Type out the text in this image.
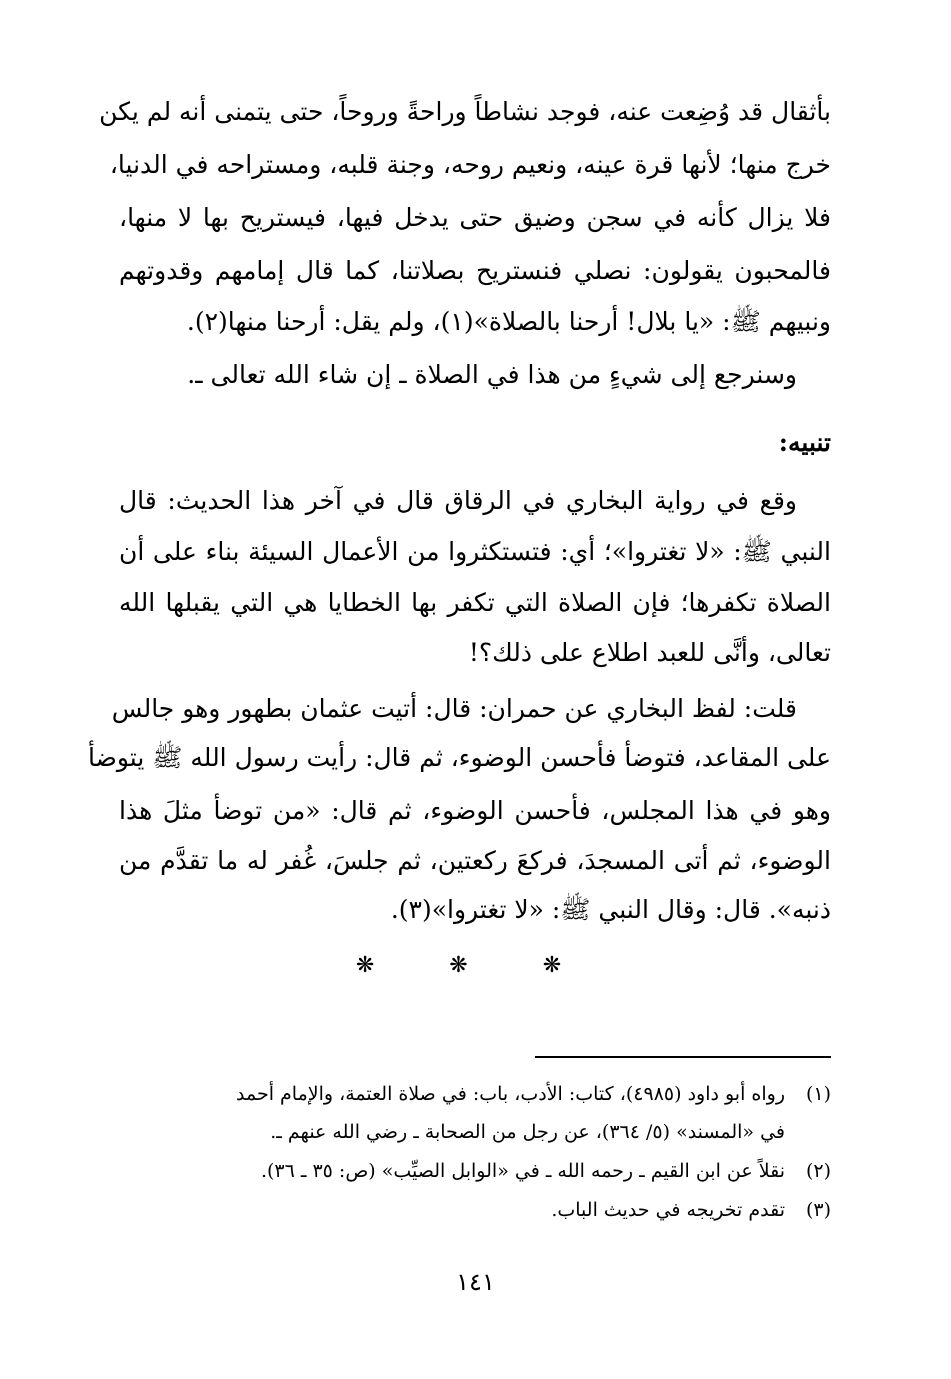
بأثقال قد وُضِعت عنه، فوجد نشاطاً وراحةً وروحاً، حتى يتمنى أنه لم يكن
خرج منها؛ لأنها قرة عينه، ونعيم روحه، وجنة قلبه، ومستراحه في الدنيا،
فلا يزال كأنه في سجن وضيق حتى يدخل فيها، فيستريح بها لا منها،
فالمحبون يقولون: نصلي فنستريح بصلاتنا، كما قال إمامهم وقدوتهم
ونبيهم ﷺ: «يا بلال! أرحنا بالصلاة»(١)، ولم يقل: أرحنا منها(٢).
وسنرجع إلى شيءٍ من هذا في الصلاة ـ إن شاء الله تعالى ـ.
تنبيه:
وقع في رواية البخاري في الرقاق قال في آخر هذا الحديث: قال
النبي ﷺ: «لا تغتروا»؛ أي: فتستكثروا من الأعمال السيئة بناء على أن
الصلاة تكفرها؛ فإن الصلاة التي تكفر بها الخطايا هي التي يقبلها الله
تعالى، وأنَّى للعبد اطلاع على ذلك؟!
قلت: لفظ البخاري عن حمران: قال: أتيت عثمان بطهور وهو جالس
على المقاعد، فتوضأ فأحسن الوضوء، ثم قال: رأيت رسول الله ﷺ يتوضأ
وهو في هذا المجلس، فأحسن الوضوء، ثم قال: «من توضأ مثلَ هذا
الوضوء، ثم أتى المسجدَ، فركعَ ركعتين، ثم جلسَ، غُفر له ما تقدَّم من
ذنبه». قال: وقال النبي ﷺ: «لا تغتروا»(٣).
❋ ❋ ❋
(١)رواه أبو داود (٤٩٨٥)، كتاب: الأدب، باب: في صلاة العتمة، والإمام أحمد
في «المسند» (٥/ ٣٦٤)، عن رجل من الصحابة ـ رضي الله عنهم ـ.
(٢)نقلاً عن ابن القيم ـ رحمه الله ـ في «الوابل الصيِّب» (ص: ٣٥ ـ ٣٦).
(٣)تقدم تخريجه في حديث الباب.
١٤١
